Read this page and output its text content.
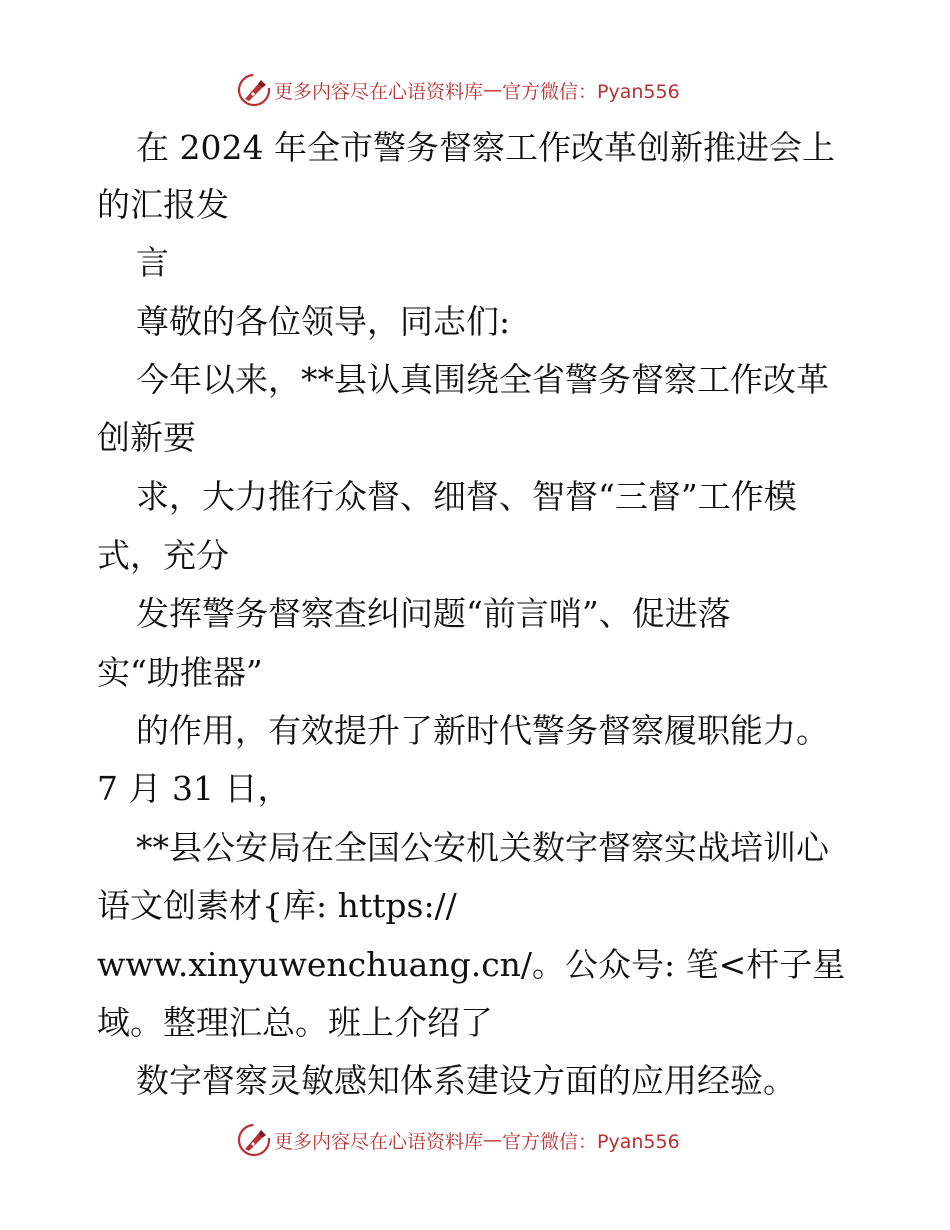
更多内容尽在心语资料库 — 官方微信：Pyan556
在 2024 年全市警务督察工作改革创新推进会上
的汇报发
言
尊敬的各位领导，同志们:
今年以来，**县认真围绕全省警务督察工作改革
创新要
求，大力推行众督、细督、智督“三督”工作模
式，充分
发挥警务督察查纠问题“前言哨”、促进落
实“助推器”
的作用，有效提升了新时代警务督察履职能力。
7 月 31 日，
**县公安局在全国公安机关数字督察实战培训心
语文创素材{库: https://
www.xinyuwenchuang.cn/。公众号: 笔<杆子星
域。整理汇总。班上介绍了
数字督察灵敏感知体系建设方面的应用经验。
更多内容尽在心语资料库 — 官方微信：Pyan556
